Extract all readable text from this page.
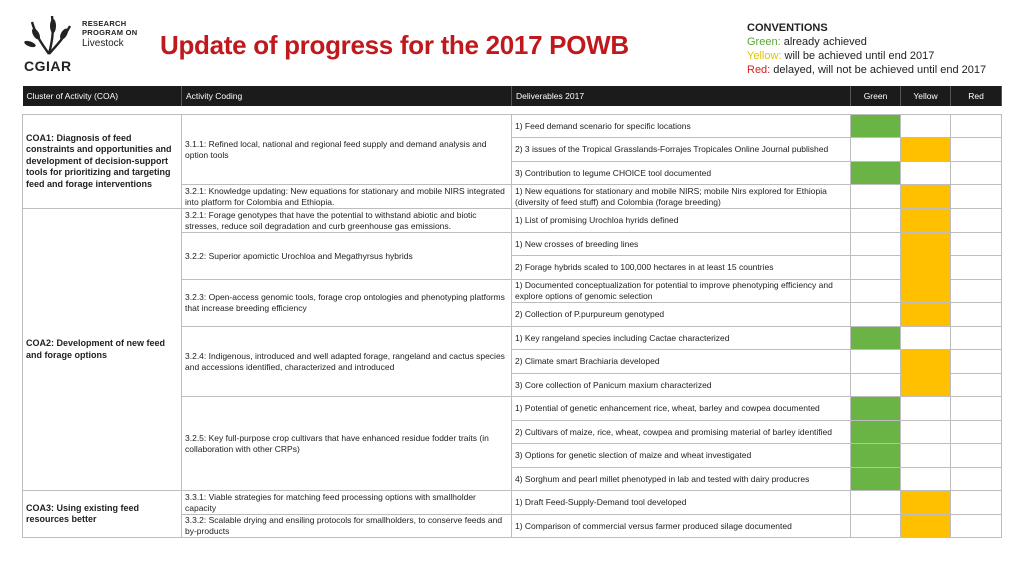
RESEARCH
PROGRAM ON
Livestock
CGIAR
Update of progress for the 2017 POWB
CONVENTIONS
Green: already achieved
Yellow: will be achieved until end 2017
Red: delayed, will not be achieved until end 2017
Cluster of Activity (COA)	Activity Coding	Deliverables 2017	Green	Yellow	Red

COA1: Diagnosis of feed constraints and opportunities and development of decision-support tools for prioritizing and targeting feed and forage interventions	3.1.1: Refined local, national and regional feed supply and demand analysis and option tools	1) Feed demand scenario for specific locations			
		2) 3 issues of the Tropical Grasslands-Forrajes Tropicales Online Journal published			
		3) Contribution to legume CHOICE tool documented			
	3.2.1: Knowledge updating: New equations for stationary and mobile NIRS integrated into platform for Colombia and Ethiopia.	1) New equations for stationary and mobile NIRS; mobile Nirs explored for Ethiopia (diversity of feed stuff) and Colombia (forage breeding)			
COA2: Development of new feed and forage options	3.2.1: Forage genotypes that have the potential to withstand abiotic and biotic stresses, reduce soil degradation and curb greenhouse gas emissions.	1) List of promising Urochloa hyrids defined			
	3.2.2: Superior apomictic Urochloa and Megathyrsus hybrids	1) New crosses of breeding lines			
		2) Forage hybrids scaled to 100,000 hectares in at least 15 countries			
	3.2.3: Open-access genomic tools, forage crop ontologies and phenotyping platforms that increase breeding efficiency	1) Documented conceptualization for potential to improve phenotyping efficiency and explore options of genomic selection			
		2) Collection of P.purpureum genotyped			
	3.2.4: Indigenous, introduced and well adapted forage, rangeland and cactus species and accessions identified, characterized and introduced	1) Key rangeland species including Cactae characterized			
		2) Climate smart Brachiaria developed			
		3) Core collection of Panicum maxium characterized			
	3.2.5: Key full-purpose crop cultivars that have enhanced residue fodder traits (in collaboration with other CRPs)	1) Potential of genetic enhancement rice, wheat, barley and cowpea documented			
		2) Cultivars of maize, rice, wheat, cowpea and promising material of barley identified			
		3) Options for genetic slection of maize and wheat investigated			
		4) Sorghum and pearl millet phenotyped in lab and tested with dairy producres			
COA3: Using existing feed resources better	3.3.1: Viable strategies for matching feed processing options with smallholder capacity	1) Draft Feed-Supply-Demand tool developed			
	3.3.2: Scalable drying and ensiling protocols for smallholders, to conserve feeds and by-products	1) Comparison of commercial versus farmer produced silage documented			
